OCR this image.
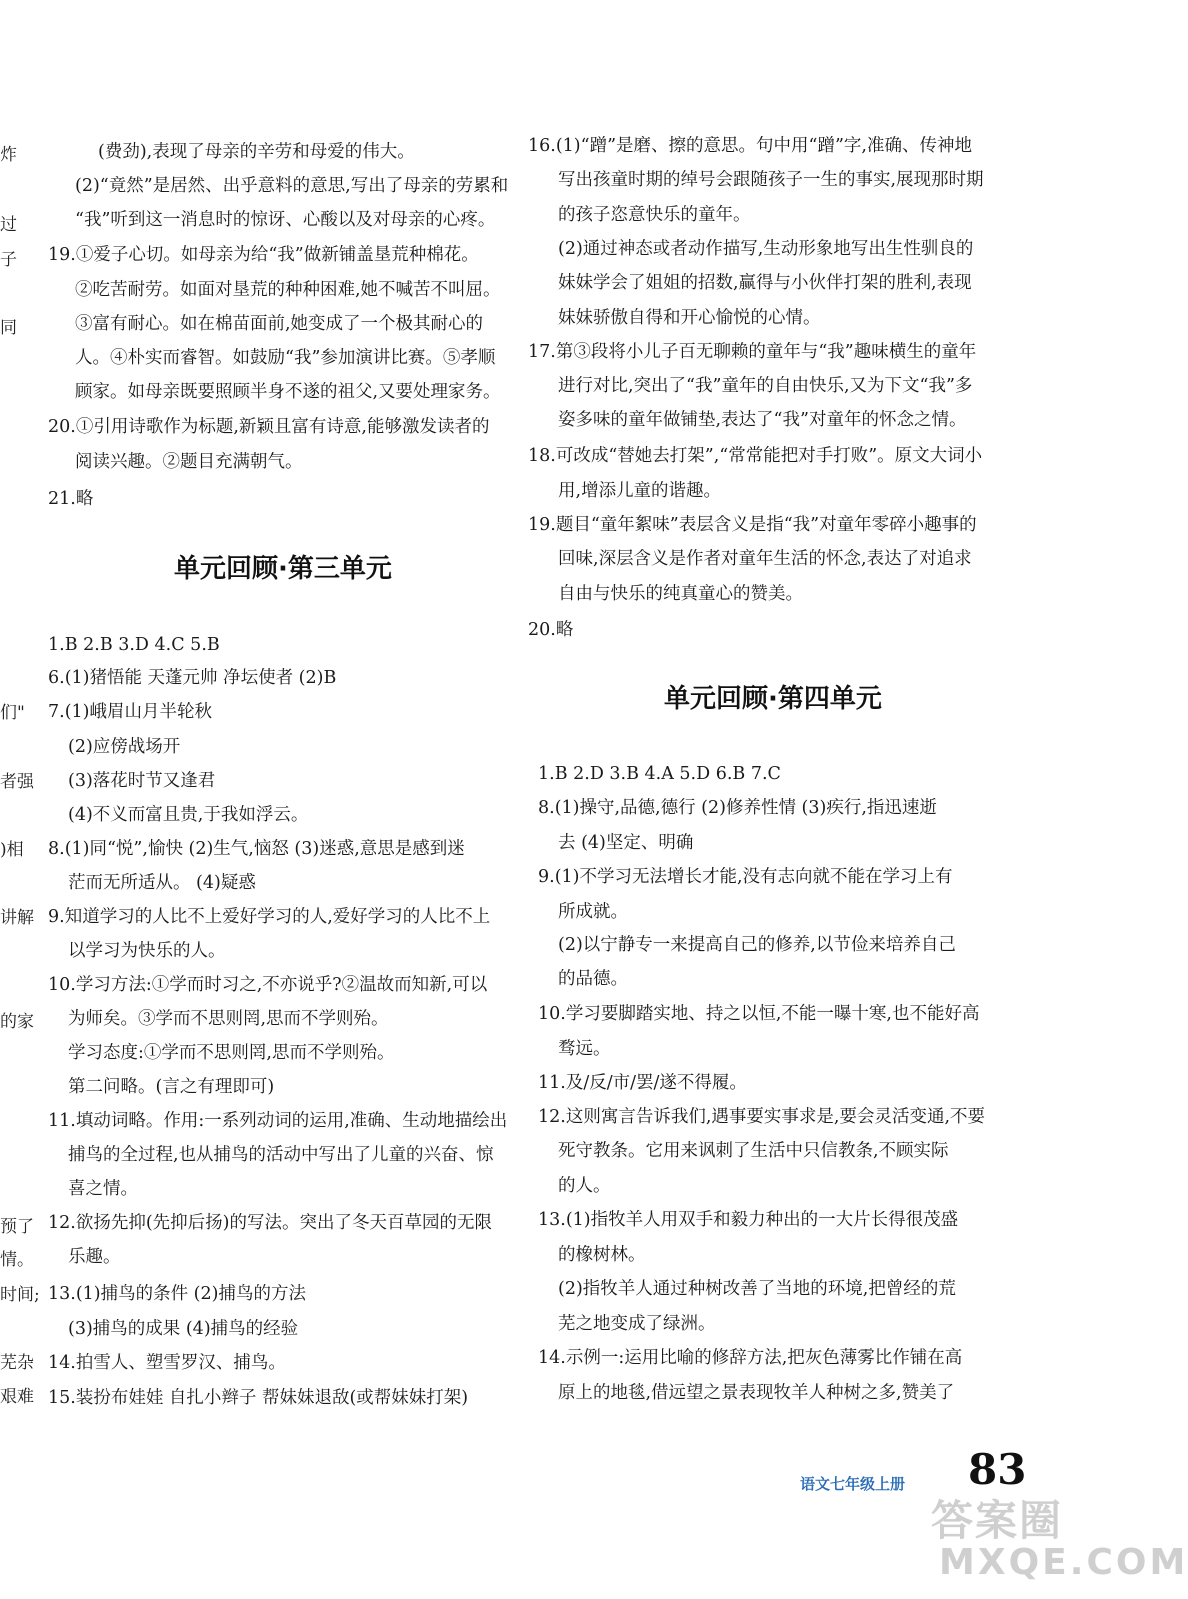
炸
过
子
同
们"
者强
)相
讲解
的家
预了
情。
时间;
芜杂
艰难
(费劲),表现了母亲的辛劳和母爱的伟大。
(2)“竟然”是居然、出乎意料的意思,写出了母亲的劳累和
“我”听到这一消息时的惊讶、心酸以及对母亲的心疼。
19.①爱子心切。如母亲为给“我”做新铺盖垦荒种棉花。
②吃苦耐劳。如面对垦荒的种种困难,她不喊苦不叫屈。
③富有耐心。如在棉苗面前,她变成了一个极其耐心的
人。④朴实而睿智。如鼓励“我”参加演讲比赛。⑤孝顺
顾家。如母亲既要照顾半身不遂的祖父,又要处理家务。
20.①引用诗歌作为标题,新颖且富有诗意,能够激发读者的
阅读兴趣。②题目充满朝气。
21.略
单元回顾·第三单元
1.B 2.B 3.D 4.C 5.B
6.(1)猪悟能 天蓬元帅 净坛使者 (2)B
7.(1)峨眉山月半轮秋
(2)应傍战场开
(3)落花时节又逢君
(4)不义而富且贵,于我如浮云。
8.(1)同“悦”,愉快 (2)生气,恼怒 (3)迷惑,意思是感到迷
茫而无所适从。 (4)疑惑
9.知道学习的人比不上爱好学习的人,爱好学习的人比不上
以学习为快乐的人。
10.学习方法:①学而时习之,不亦说乎?②温故而知新,可以
为师矣。③学而不思则罔,思而不学则殆。
学习态度:①学而不思则罔,思而不学则殆。
第二问略。(言之有理即可)
11.填动词略。作用:一系列动词的运用,准确、生动地描绘出
捕鸟的全过程,也从捕鸟的活动中写出了儿童的兴奋、惊
喜之情。
12.欲扬先抑(先抑后扬)的写法。突出了冬天百草园的无限
乐趣。
13.(1)捕鸟的条件 (2)捕鸟的方法
(3)捕鸟的成果 (4)捕鸟的经验
14.拍雪人、塑雪罗汉、捕鸟。
15.装扮布娃娃 自扎小辫子 帮妹妹退敌(或帮妹妹打架)
16.(1)“蹭”是磨、擦的意思。句中用“蹭”字,准确、传神地
写出孩童时期的绰号会跟随孩子一生的事实,展现那时期
的孩子恣意快乐的童年。
(2)通过神态或者动作描写,生动形象地写出生性驯良的
妹妹学会了姐姐的招数,赢得与小伙伴打架的胜利,表现
妹妹骄傲自得和开心愉悦的心情。
17.第③段将小儿子百无聊赖的童年与“我”趣味横生的童年
进行对比,突出了“我”童年的自由快乐,又为下文“我”多
姿多味的童年做铺垫,表达了“我”对童年的怀念之情。
18.可改成“替她去打架”,“常常能把对手打败”。原文大词小
用,增添儿童的谐趣。
19.题目“童年絮味”表层含义是指“我”对童年零碎小趣事的
回味,深层含义是作者对童年生活的怀念,表达了对追求
自由与快乐的纯真童心的赞美。
20.略
单元回顾·第四单元
1.B 2.D 3.B 4.A 5.D 6.B 7.C
8.(1)操守,品德,德行 (2)修养性情 (3)疾行,指迅速逝
去 (4)坚定、明确
9.(1)不学习无法增长才能,没有志向就不能在学习上有
所成就。
(2)以宁静专一来提高自己的修养,以节俭来培养自己
的品德。
10.学习要脚踏实地、持之以恒,不能一曝十寒,也不能好高
骛远。
11.及/反/市/罢/遂不得履。
12.这则寓言告诉我们,遇事要实事求是,要会灵活变通,不要
死守教条。它用来讽刺了生活中只信教条,不顾实际
的人。
13.(1)指牧羊人用双手和毅力种出的一大片长得很茂盛
的橡树林。
(2)指牧羊人通过种树改善了当地的环境,把曾经的荒
芜之地变成了绿洲。
14.示例一:运用比喻的修辞方法,把灰色薄雾比作铺在高
原上的地毯,借远望之景表现牧羊人种树之多,赞美了
语文七年级上册 83
答案圈
MXQE.COM
